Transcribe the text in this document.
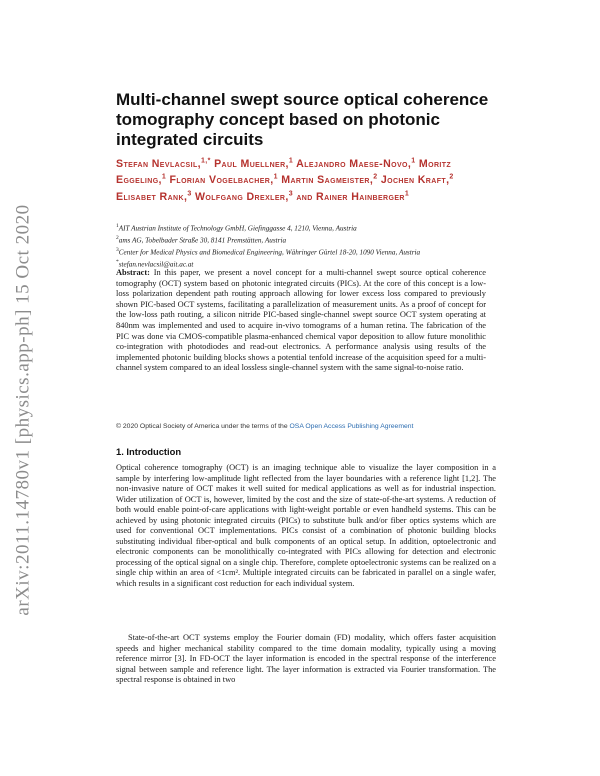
arXiv:2011.14780v1 [physics.app-ph] 15 Oct 2020
Multi-channel swept source optical coherence tomography concept based on photonic integrated circuits
Stefan Nevlacsil,$^{1,*}$ Paul Muellner,$^1$ Alejandro Maese-Novo,$^1$ Moritz Eggeling,$^1$ Florian Vogelbacher,$^1$ Martin Sagmeister,$^2$ Jochen Kraft,$^2$ Elisabet Rank,$^3$ Wolfgang Drexler,$^3$ and Rainer Hainberger$^1$
$^1$AIT Austrian Institute of Technology GmbH, Giefinggasse 4, 1210, Vienna, Austria
$^2$ams AG, Tobelbader Straße 30, 8141 Premstätten, Austria
$^3$Center for Medical Physics and Biomedical Engineering, Währinger Gürtel 18-20, 1090 Vienna, Austria
*stefan.nevlacsil@ait.ac.at
Abstract: In this paper, we present a novel concept for a multi-channel swept source optical coherence tomography (OCT) system based on photonic integrated circuits (PICs). At the core of this concept is a low-loss polarization dependent path routing approach allowing for lower excess loss compared to previously shown PIC-based OCT systems, facilitating a parallelization of measurement units. As a proof of concept for the low-loss path routing, a silicon nitride PIC-based single-channel swept source OCT system operating at 840nm was implemented and used to acquire in-vivo tomograms of a human retina. The fabrication of the PIC was done via CMOS-compatible plasma-enhanced chemical vapor deposition to allow future monolithic co-integration with photodiodes and read-out electronics. A performance analysis using results of the implemented photonic building blocks shows a potential tenfold increase of the acquisition speed for a multi-channel system compared to an ideal lossless single-channel system with the same signal-to-noise ratio.
© 2020 Optical Society of America under the terms of the OSA Open Access Publishing Agreement
1. Introduction

Optical coherence tomography (OCT) is an imaging technique able to visualize the layer composition in a sample by interfering low-amplitude light reflected from the layer boundaries with a reference light [1,2]. The non-invasive nature of OCT makes it well suited for medical applications as well as for industrial inspection. Wider utilization of OCT is, however, limited by the cost and the size of state-of-the-art systems. A reduction of both would enable point-of-care applications with light-weight portable or even handheld systems. This can be achieved by using photonic integrated circuits (PICs) to substitute bulk and/or fiber optics systems which are used for conventional OCT implementations. PICs consist of a combination of photonic building blocks substituting individual fiber-optical and bulk components of an optical setup. In addition, optoelectronic and electronic components can be monolithically co-integrated with PICs allowing for detection and electronic processing of the optical signal on a single chip. Therefore, complete optoelectronic systems can be realized on a single chip within an area of <1cm². Multiple integrated circuits can be fabricated in parallel on a single wafer, which results in a significant cost reduction for each individual system.

State-of-the-art OCT systems employ the Fourier domain (FD) modality, which offers faster acquisition speeds and higher mechanical stability compared to the time domain modality, typically using a moving reference mirror [3]. In FD-OCT the layer information is encoded in the spectral response of the interference signal between sample and reference light. The layer information is extracted via Fourier transformation. The spectral response is obtained in two
